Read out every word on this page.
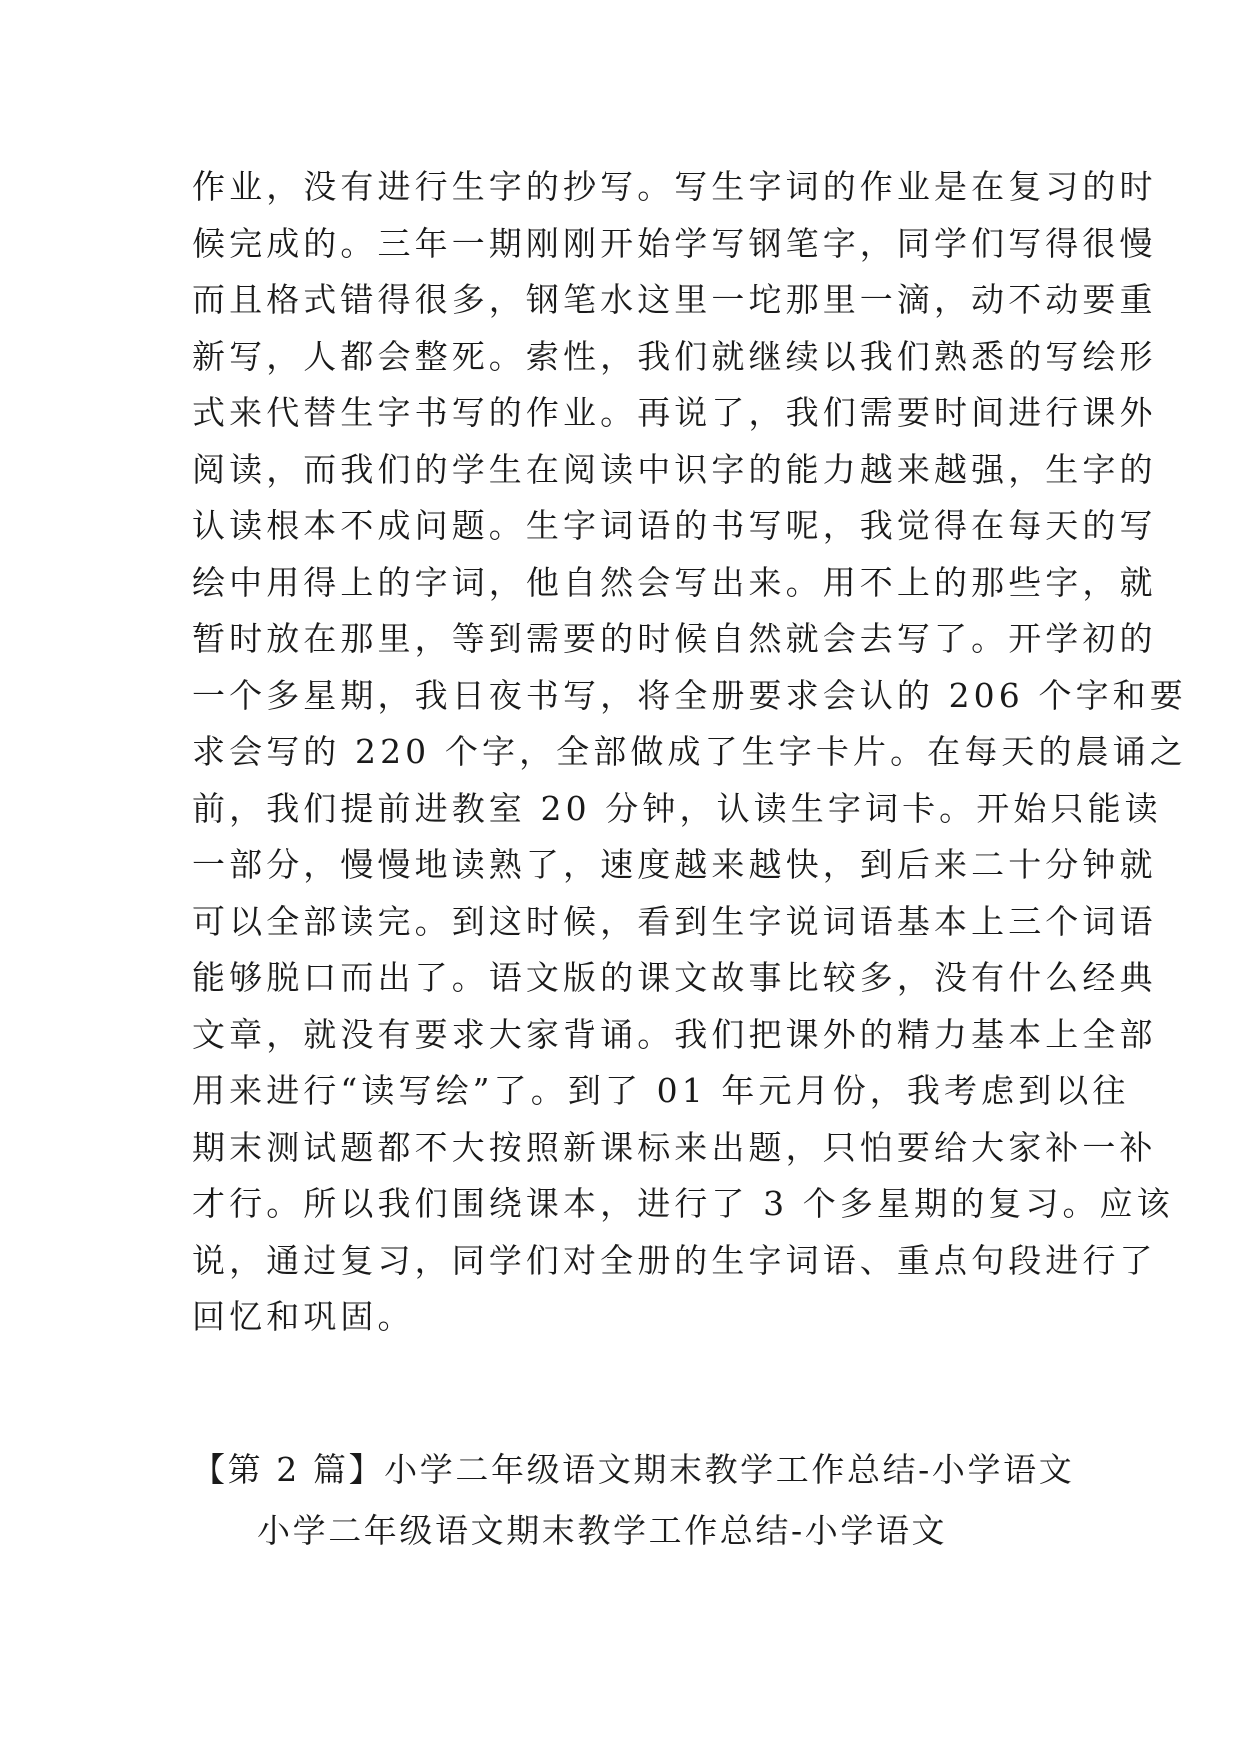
作业，没有进行生字的抄写。写生字词的作业是在复习的时
候完成的。三年一期刚刚开始学写钢笔字，同学们写得很慢
而且格式错得很多，钢笔水这里一坨那里一滴，动不动要重
新写，人都会整死。索性，我们就继续以我们熟悉的写绘形
式来代替生字书写的作业。再说了，我们需要时间进行课外
阅读，而我们的学生在阅读中识字的能力越来越强，生字的
认读根本不成问题。生字词语的书写呢，我觉得在每天的写
绘中用得上的字词，他自然会写出来。用不上的那些字，就
暂时放在那里，等到需要的时候自然就会去写了。开学初的
一个多星期，我日夜书写，将全册要求会认的 206 个字和要
求会写的 220 个字，全部做成了生字卡片。在每天的晨诵之
前，我们提前进教室 20 分钟，认读生字词卡。开始只能读
一部分，慢慢地读熟了，速度越来越快，到后来二十分钟就
可以全部读完。到这时候，看到生字说词语基本上三个词语
能够脱口而出了。语文版的课文故事比较多，没有什么经典
文章，就没有要求大家背诵。我们把课外的精力基本上全部
用来进行“读写绘”了。到了 01 年元月份，我考虑到以往
期末测试题都不大按照新课标来出题，只怕要给大家补一补
才行。所以我们围绕课本，进行了 3 个多星期的复习。应该
说，通过复习，同学们对全册的生字词语、重点句段进行了
回忆和巩固。
【第 2 篇】小学二年级语文期末教学工作总结-小学语文
小学二年级语文期末教学工作总结-小学语文
